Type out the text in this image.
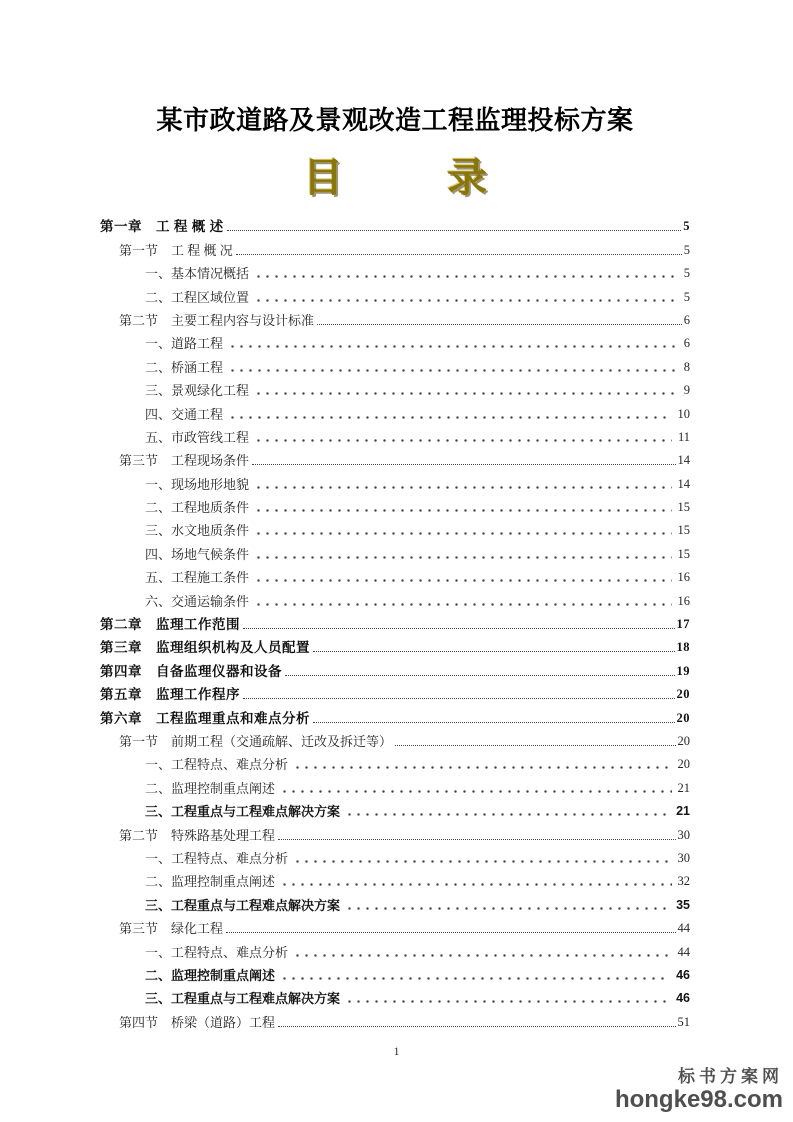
某市政道路及景观改造工程监理投标方案
目	录
第一章　工 程 概 述	5
第一节　工 程 概 况	5
一、基本情况概括	5
二、工程区域位置	5
第二节　主要工程内容与设计标准	6
一、道路工程	6
二、桥涵工程	8
三、景观绿化工程	9
四、交通工程	10
五、市政管线工程	11
第三节　工程现场条件	14
一、现场地形地貌	14
二、工程地质条件	15
三、水文地质条件	15
四、场地气候条件	15
五、工程施工条件	16
六、交通运输条件	16
第二章　监理工作范围	17
第三章　监理组织机构及人员配置	18
第四章　自备监理仪器和设备	19
第五章　监理工作程序	20
第六章　工程监理重点和难点分析	20
第一节　前期工程（交通疏解、迁改及拆迁等）	20
一、工程特点、难点分析	20
二、监理控制重点阐述	21
三、工程重点与工程难点解决方案	21
第二节　特殊路基处理工程	30
一、工程特点、难点分析	30
二、监理控制重点阐述	32
三、工程重点与工程难点解决方案	35
第三节　绿化工程	44
一、工程特点、难点分析	44
二、监理控制重点阐述	46
三、工程重点与工程难点解决方案	46
第四节　桥梁（道路）工程	51
1
标书方案网
hongke98.com
